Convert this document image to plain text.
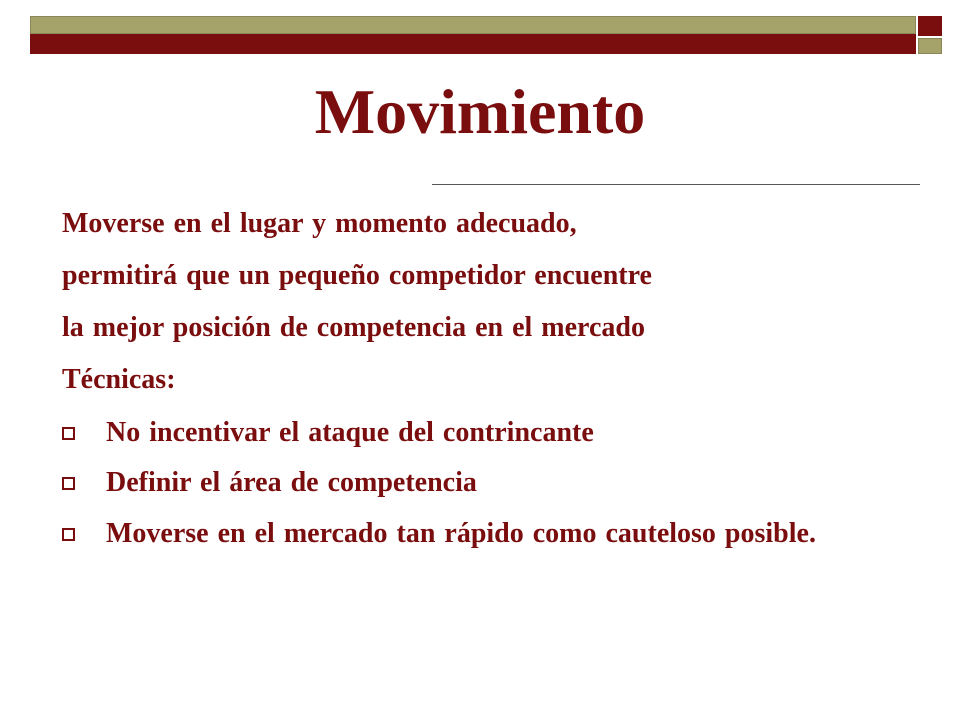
Movimiento
Moverse en el lugar y momento adecuado,
permitirá que un pequeño competidor encuentre
la mejor posición de competencia en el mercado
Técnicas:
No incentivar el ataque del contrincante
Definir el área de competencia
Moverse en el mercado tan rápido como cauteloso posible.
